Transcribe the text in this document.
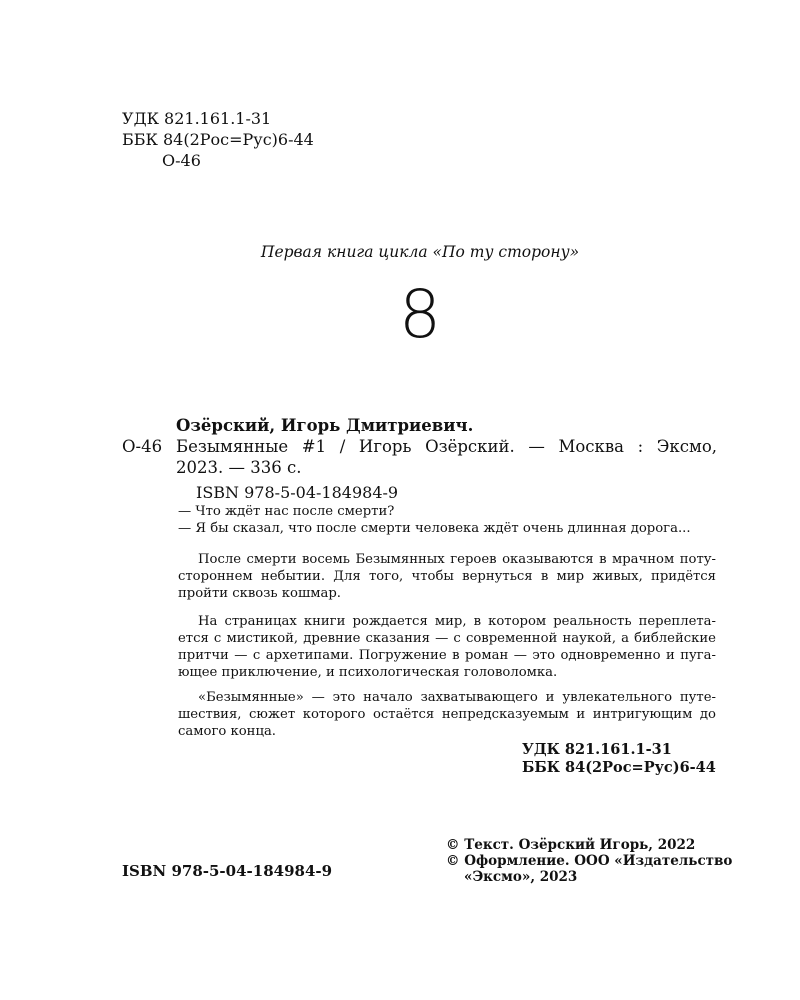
УДК 821.161.1-31
ББК 84(2Рос=Рус)6-44
О-46
Первая книга цикла «По ту сторону»
8
Озёрский, Игорь Дмитриевич.
О-46 Безымянные #1 / Игорь Озёрский. — Москва : Эксмо,
2023. — 336 с.
ISBN 978-5-04-184984-9
— Что ждёт нас после смерти?
— Я бы сказал, что после смерти человека ждёт очень длинная дорога...
После смерти восемь Безымянных героев оказываются в мрачном поту-
стороннем небытии. Для того, чтобы вернуться в мир живых, придётся
пройти сквозь кошмар.
На страницах книги рождается мир, в котором реальность переплета-
ется с мистикой, древние сказания — с современной наукой, а библейские
притчи — с архетипами. Погружение в роман — это одновременно и пуга-
ющее приключение, и психологическая головоломка.
«Безымянные» — это начало захватывающего и увлекательного путе-
шествия, сюжет которого остаётся непредсказуемым и интригующим до
самого конца.
УДК 821.161.1-31
ББК 84(2Рос=Рус)6-44
ISBN 978-5-04-184984-9
© Текст. Озёрский Игорь, 2022
© Оформление. ООО «Издательство
«Эксмо», 2023
